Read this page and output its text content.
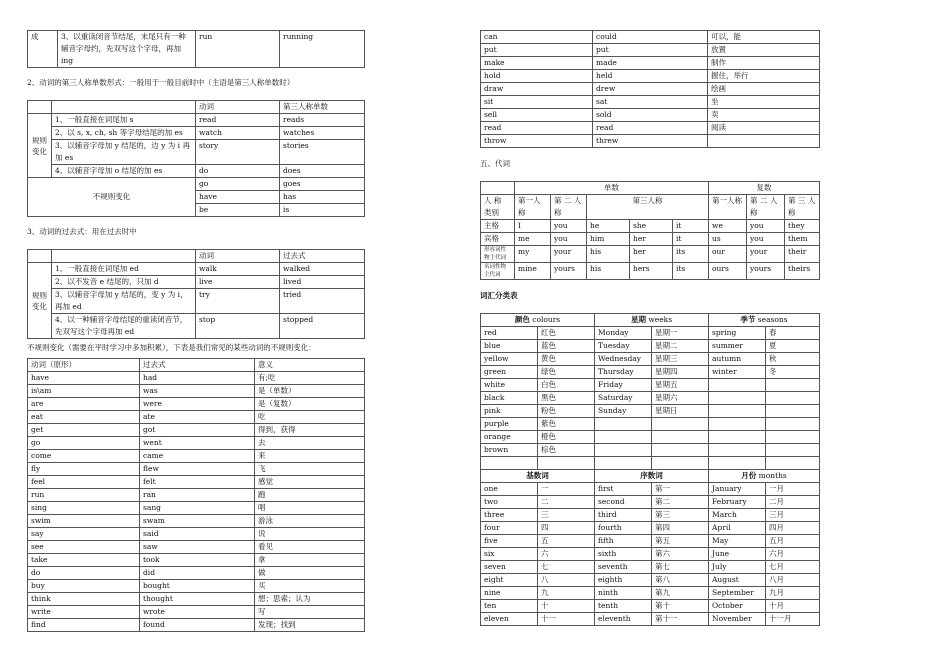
成	3、以重读闭音节结尾，末尾只有一种辅音字母约，先双写这个字母，再加 ing	run	running
2、动词的第三人称单数形式：一般用于一般目前时中（主语是第三人称单数时）
		动词	第三人称单数
规则变化	1、一般直接在词尾加 s	read	reads
	2、以 s, x, ch, sh 等字母结尾的加 es	watch	watches
	3、以辅音字母加 y 结尾的，边 y 为 i 再加 es	story	stories
	4、以辅音字母加 o 结尾的加 es	do	does
不规则变化		go	goes
		have	has
		be	is
3、动词的过去式：用在过去时中
		动词	过去式
规则变化	1、一般直接在词尾加 ed	walk	walked
	2、以不发音 e 结尾的，只加 d	live	lived
	3、以辅音字母加 y 结尾的，变 y 为 i，再加 ed	try	tried
	4、以一种辅音字母结尾的重读闭音节，先双写这个字母再加 ed	stop	stopped
不规则变化（需要在平时学习中多加积累），下表是我们常见的某些动词的不规则变化：
动词（原形）	过去式	意义
have	had	有;吃
is\am	was	是（单数）
are	were	是（复数）
eat	ate	吃
get	got	得到，获得
go	went	去
come	came	来
fly	flew	飞
feel	felt	感觉
run	ran	跑
sing	sang	唱
swim	swam	游泳
say	said	说
see	saw	看见
take	took	拿
do	did	做
buy	bought	买
think	thought	想；思索；认为
write	wrote	写
find	found	发现；找到
can	could	可以，能
put	put	放置
make	made	制作
hold	held	握住，举行
draw	drew	绘画
sit	sat	坐
sell	sold	卖
read	read	阅读
throw	threw	
五、代词
	单数					复数		
人 称 类别	第一人称	第 二 人 称	第三人称			第一人称	第 二 人 称	第 三 人 称
主格	I	you	he	she	it	we	you	they
宾格	me	you	him	her	it	us	you	them
形容词性物主代词	my	your	his	her	its	our	your	their
名词性物主代词	mine	yours	his	hers	its	ours	yours	theirs
词汇分类表
颜色 colours		星期 weeks		季节 seasons	
red	红色	Monday	星期一	spring	春
blue	蓝色	Tuesday	星期二	summer	夏
yellow	黄色	Wednesday	星期三	autumn	秋
green	绿色	Thursday	星期四	winter	冬
white	白色	Friday	星期五		
black	黑色	Saturday	星期六		
pink	粉色	Sunday	星期日		
purple	紫色				
orange	橙色				
brown	棕色				

基数词		序数词		月份 months	
one	一	first	第一	January	一月
two	二	second	第二	February	二月
three	三	third	第三	March	三月
four	四	fourth	第四	April	四月
five	五	fifth	第五	May	五月
six	六	sixth	第六	June	六月
seven	七	seventh	第七	July	七月
eight	八	eighth	第八	August	八月
nine	九	ninth	第九	September	九月
ten	十	tenth	第十	October	十月
eleven	十一	eleventh	第十一	November	十一月
